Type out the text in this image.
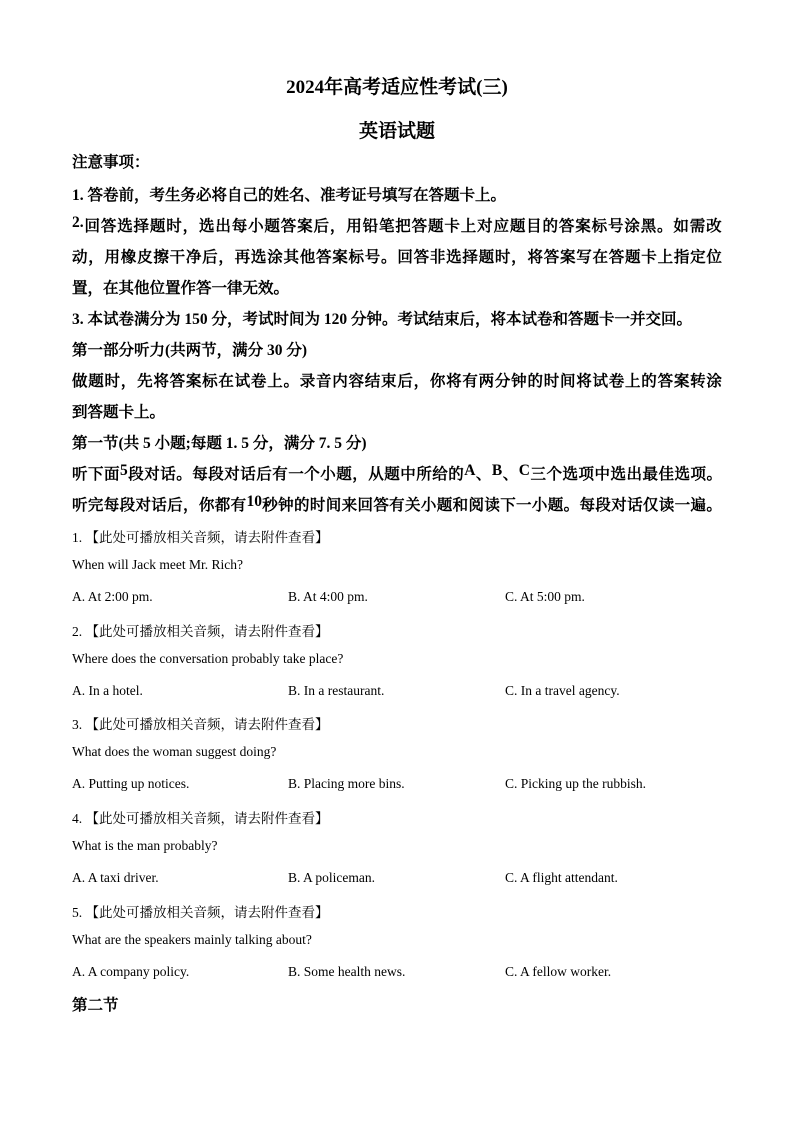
2024年高考适应性考试(三)
英语试题
注意事项：
1. 答卷前，考生务必将自己的姓名、准考证号填写在答题卡上。
2. 回 答 选 择 题 时 ， 选 出 每 小 题 答 案 后 ， 用 铅 笔 把 答 题 卡 上 对 应 题 目 的 答 案 标 号 涂 黑 。 如 需 改
动 ， 用 橡 皮 擦 干 净 后 ， 再 选 涂 其 他 答 案 标 号 。 回 答 非 选 择 题 时 ， 将 答 案 写 在 答 题 卡 上 指 定 位
置，在其他位置作答一律无效。
3. 本试卷满分为 150 分，考试时间为 120 分钟。考试结束后，将本试卷和答题卡一并交回。
第一部分听力(共两节，满分 30 分)
做 题 时 ， 先 将 答 案 标 在 试 卷 上 。 录 音 内 容 结 束 后 ， 你 将 有 两 分 钟 的 时 间 将 试 卷 上 的 答 案 转 涂
到答题卡上。
第一节(共 5 小题;每题 1. 5 分，满分 7. 5 分)
听 下 面 5 段 对 话 。 每 段 对 话 后 有 一 个 小 题 ， 从 题 中 所 给 的 A 、 B 、 C 三 个 选 项 中 选 出 最 佳 选 项 。
听 完 每 段 对 话 后 ， 你 都 有 10 秒 钟 的 时 间 来 回 答 有 关 小 题 和 阅 读 下 一 小 题 。 每 段 对 话 仅 读 一 遍 。
1. 【此处可播放相关音频，请去附件查看】
When will Jack meet Mr. Rich?
A. At 2:00 pm.	B. At 4:00 pm.	C. At 5:00 pm.
2. 【此处可播放相关音频，请去附件查看】
Where does the conversation probably take place?
A. In a hotel.	B. In a restaurant.	C. In a travel agency.
3. 【此处可播放相关音频，请去附件查看】
What does the woman suggest doing?
A. Putting up notices.	B. Placing more bins.	C. Picking up the rubbish.
4. 【此处可播放相关音频，请去附件查看】
What is the man probably?
A. A taxi driver.	B. A policeman.	C. A flight attendant.
5. 【此处可播放相关音频，请去附件查看】
What are the speakers mainly talking about?
A. A company policy.	B. Some health news.	C. A fellow worker.
第二节
